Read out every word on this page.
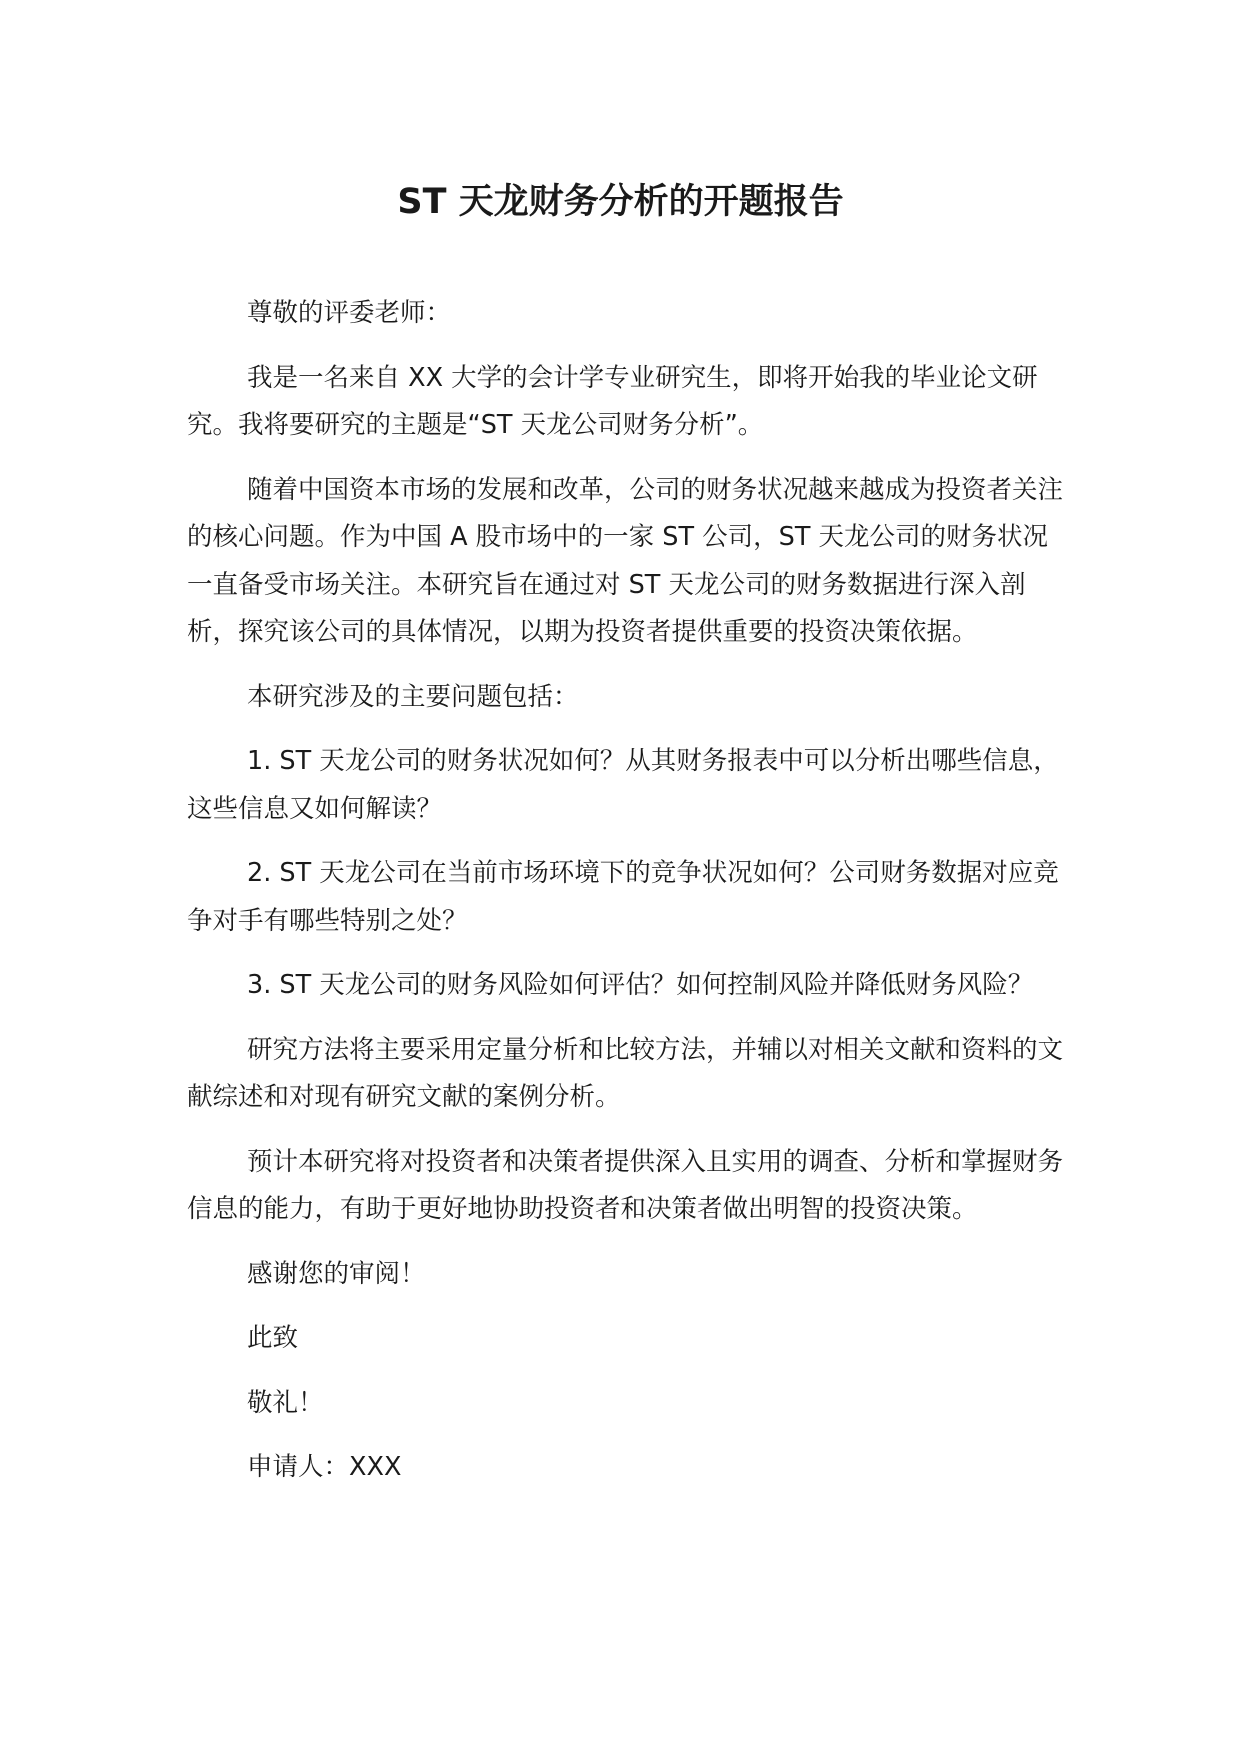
ST 天龙财务分析的开题报告

尊敬的评委老师：

我是一名来自 XX 大学的会计学专业研究生，即将开始我的毕业论文研究。我将要研究的主题是“ST 天龙公司财务分析”。

随着中国资本市场的发展和改革，公司的财务状况越来越成为投资者关注的核心问题。作为中国 A 股市场中的一家 ST 公司，ST 天龙公司的财务状况一直备受市场关注。本研究旨在通过对 ST 天龙公司的财务数据进行深入剖析，探究该公司的具体情况，以期为投资者提供重要的投资决策依据。

本研究涉及的主要问题包括：

1. ST 天龙公司的财务状况如何？从其财务报表中可以分析出哪些信息，这些信息又如何解读？

2. ST 天龙公司在当前市场环境下的竞争状况如何？公司财务数据对应竞争对手有哪些特别之处？

3. ST 天龙公司的财务风险如何评估？如何控制风险并降低财务风险？

研究方法将主要采用定量分析和比较方法，并辅以对相关文献和资料的文献综述和对现有研究文献的案例分析。

预计本研究将对投资者和决策者提供深入且实用的调查、分析和掌握财务信息的能力，有助于更好地协助投资者和决策者做出明智的投资决策。

感谢您的审阅！

此致

敬礼！

申请人：XXX
